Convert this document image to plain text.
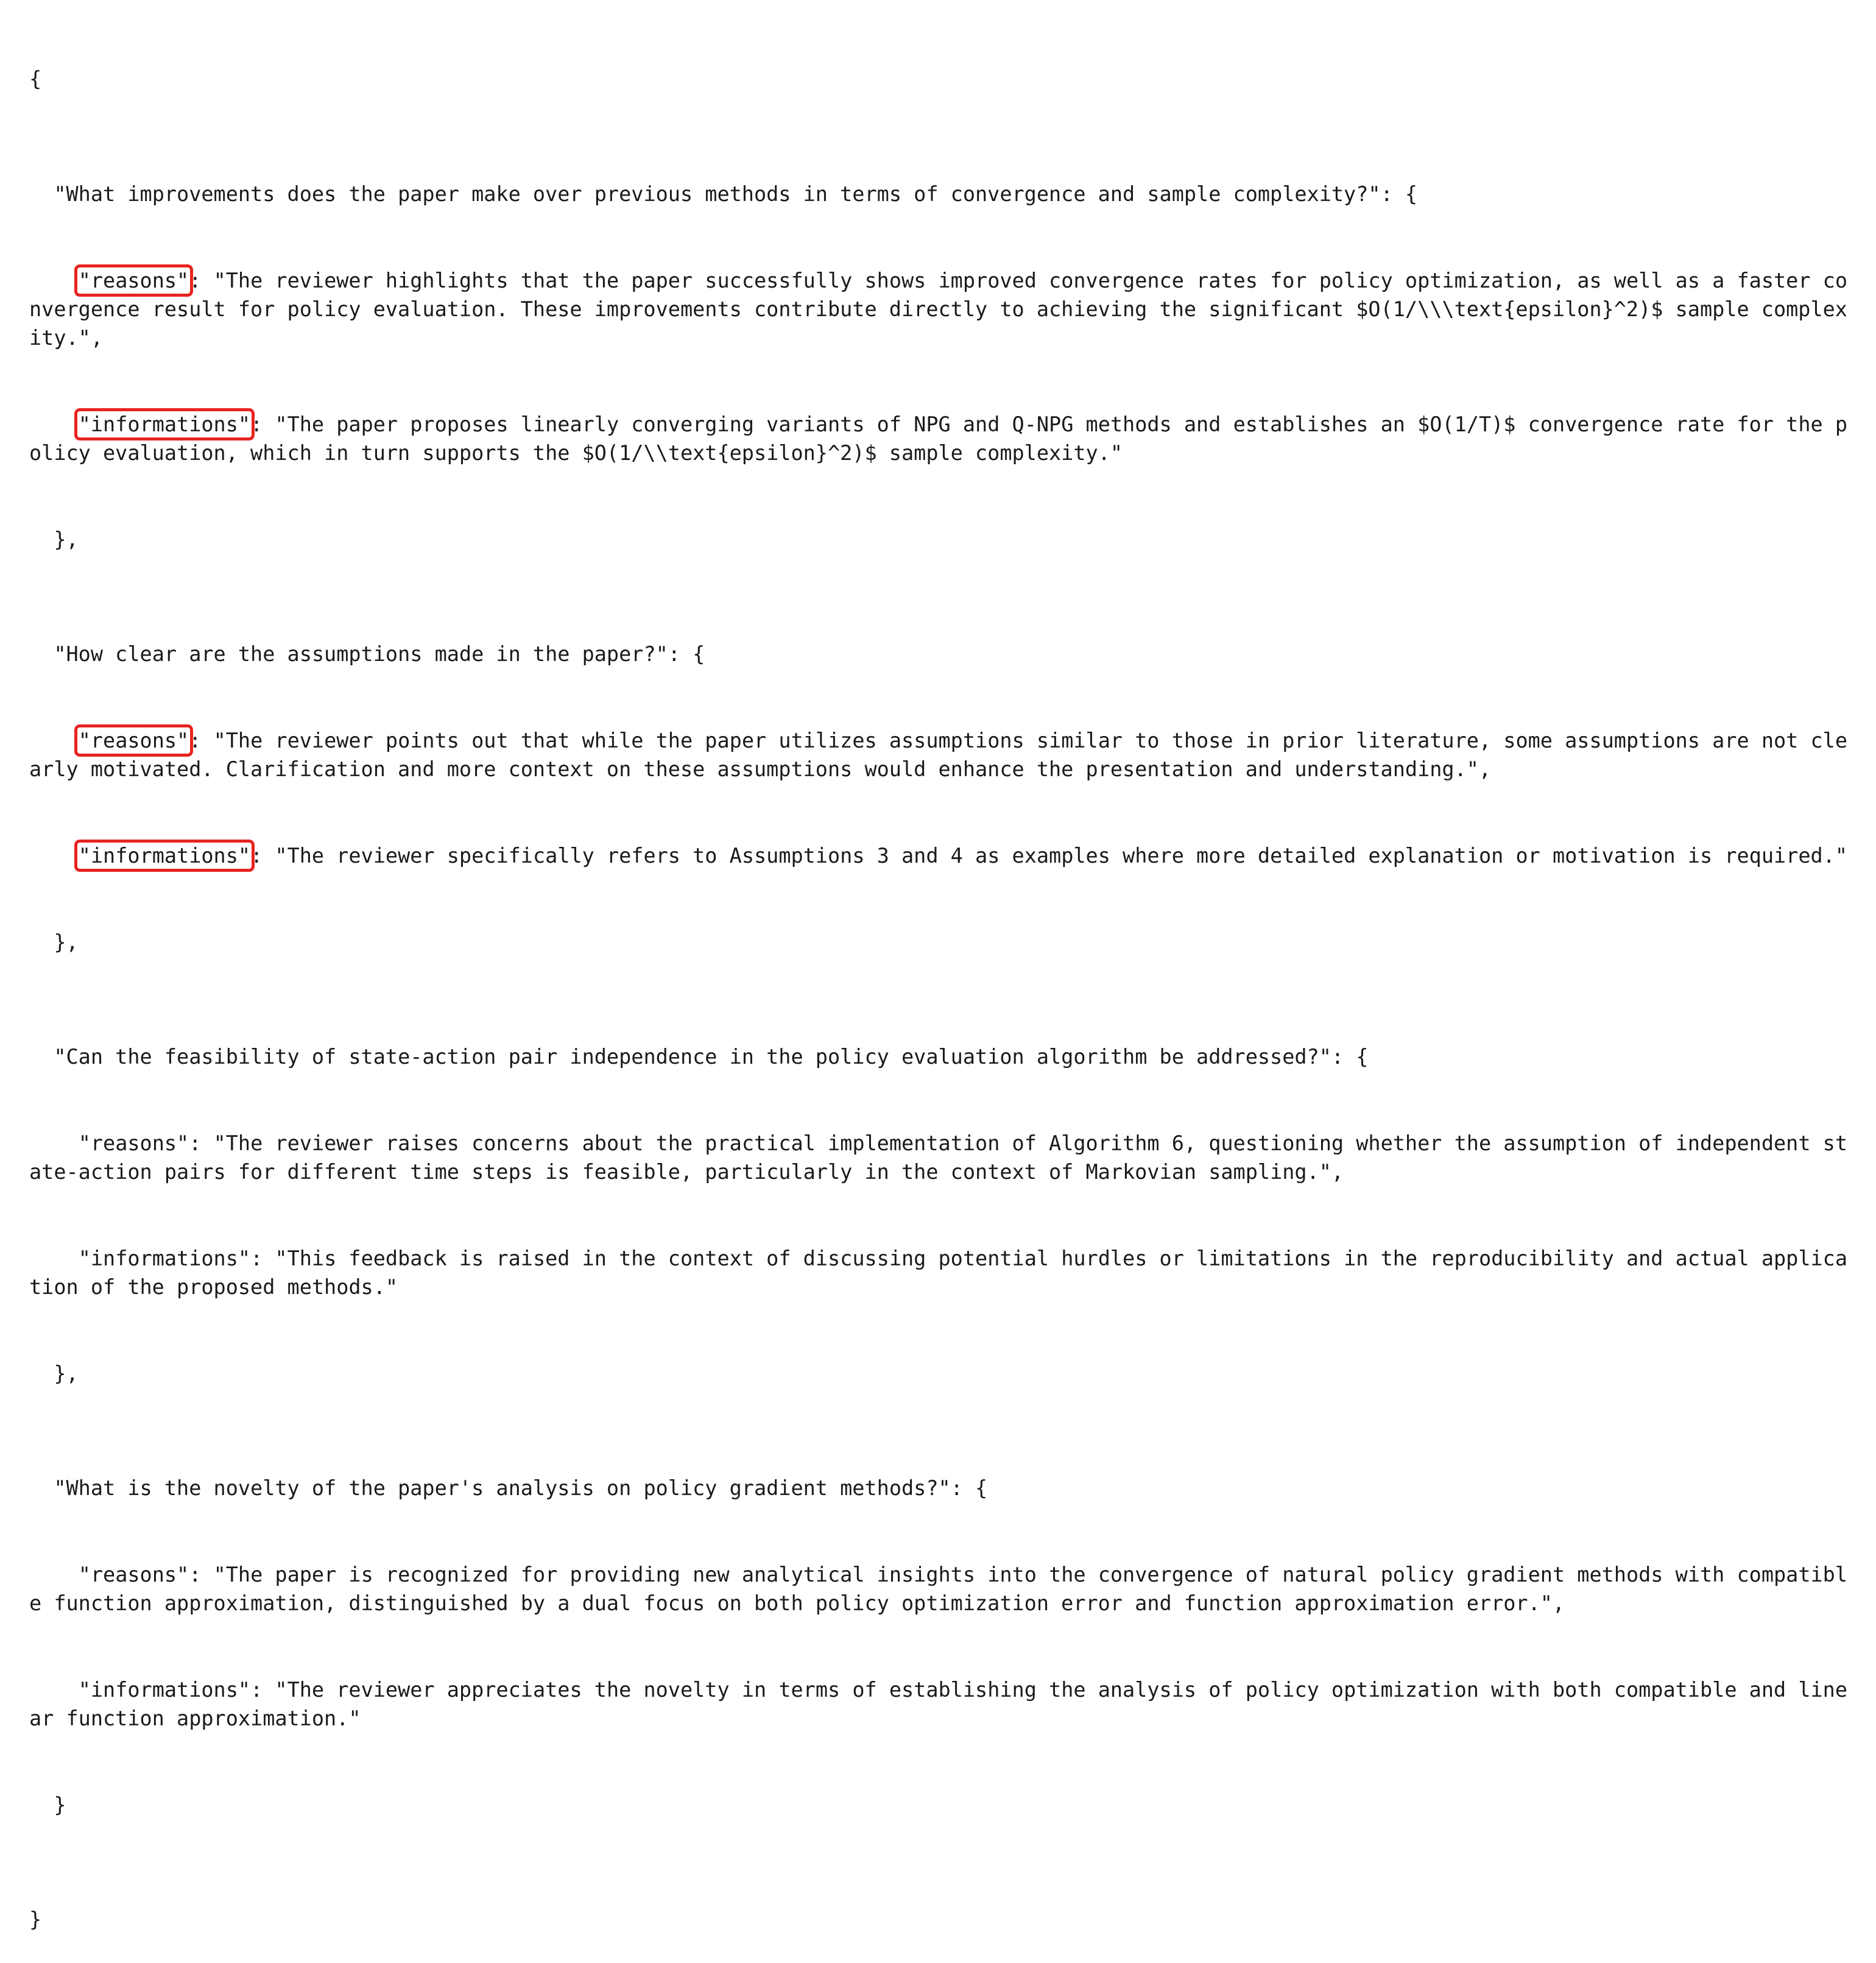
{

"What improvements does the paper make over previous methods in terms of convergence and sample complexity?": {

"reasons": "The reviewer highlights that the paper successfully shows improved convergence rates for policy optimization, as well as a faster convergence result for policy evaluation. These improvements contribute directly to achieving the significant $O(1/\\\text{epsilon}^2)$ sample complexity.",

"informations": "The paper proposes linearly converging variants of NPG and Q-NPG methods and establishes an $O(1/T)$ convergence rate for the policy evaluation, which in turn supports the $O(1/\\text{epsilon}^2)$ sample complexity."

},

"How clear are the assumptions made in the paper?": {

"reasons": "The reviewer points out that while the paper utilizes assumptions similar to those in prior literature, some assumptions are not clearly motivated. Clarification and more context on these assumptions would enhance the presentation and understanding.",

"informations": "The reviewer specifically refers to Assumptions 3 and 4 as examples where more detailed explanation or motivation is required."

},

"Can the feasibility of state-action pair independence in the policy evaluation algorithm be addressed?": {

"reasons": "The reviewer raises concerns about the practical implementation of Algorithm 6, questioning whether the assumption of independent state-action pairs for different time steps is feasible, particularly in the context of Markovian sampling.",

"informations": "This feedback is raised in the context of discussing potential hurdles or limitations in the reproducibility and actual application of the proposed methods."

},

"What is the novelty of the paper's analysis on policy gradient methods?": {

"reasons": "The paper is recognized for providing new analytical insights into the convergence of natural policy gradient methods with compatible function approximation, distinguished by a dual focus on both policy optimization error and function approximation error.",

"informations": "The reviewer appreciates the novelty in terms of establishing the analysis of policy optimization with both compatible and linear function approximation."

}

}
